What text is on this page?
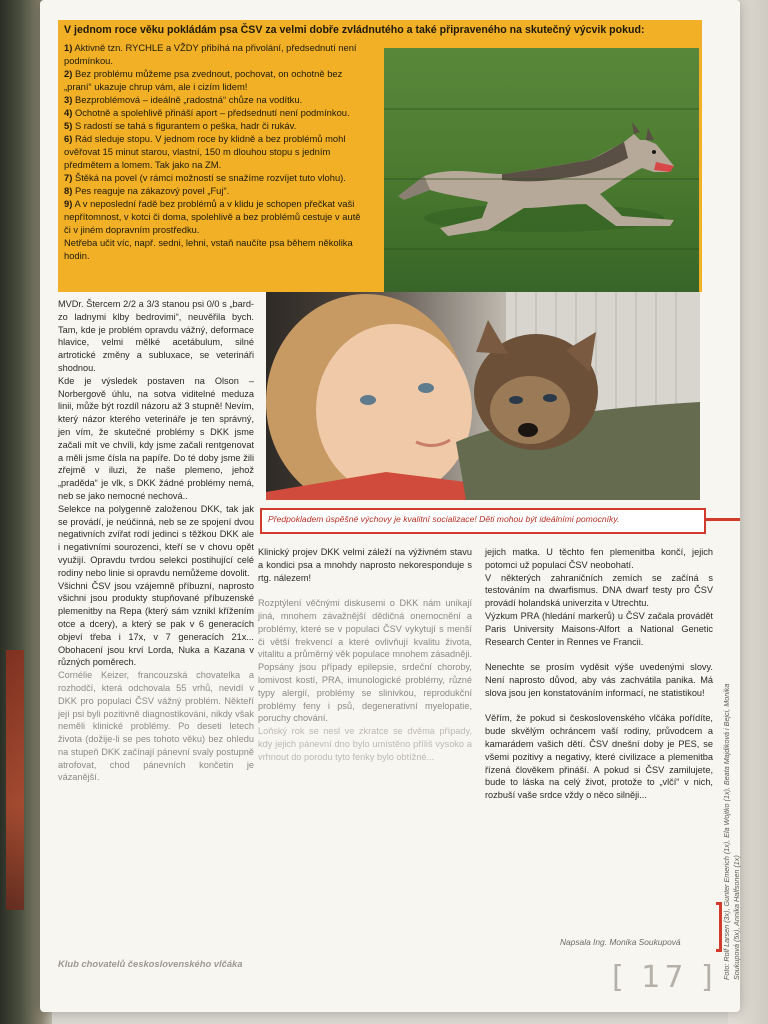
V jednom roce věku pokládám psa ČSV za velmi dobře zvládnutého a také připraveného na skutečný výcvik pokud:
1) Aktivně tzn. RYCHLE a VŽDY přibíhá na přivolání, předsednutí není podmínkou.
2) Bez problému můžeme psa zvednout, pochovat, on ochotně bez „praní“ ukazuje chrup vám, ale i cizím lidem!
3) Bezproblémová – ideálně „radostná“ chůze na vodítku.
4) Ochotně a spolehlivě přináší aport – předsednutí není podmínkou.
5) S radostí se tahá s figurantem o peška, hadr či rukáv.
6) Rád sleduje stopu. V jednom roce by klidně a bez problémů mohl ověřovat 15 minut starou, vlastní, 150 m dlouhou stopu s jedním předmětem a lomem. Tak jako na ZM.
7) Štěká na povel (v rámci možností se snažíme rozvíjet tuto vlohu).
8) Pes reaguje na zákazový povel „Fuj“.
9) A v neposlední řadě bez problémů a v klidu je schopen přečkat vaši nepřítomnost, v kotci či doma, spolehlivě a bez problémů cestuje v autě či v jiném dopravním prostředku.
Netřeba učit víc, např. sedni, lehni, vstaň naučíte psa během několika hodin.

MVDr. Štercem 2/2 a 3/3 stanou psi 0/0 s „bard-zo ladnymi klby bedrovimi“, neuvěřila bych. Tam, kde je problém opravdu vážný, deformace hlavice, velmi mělké acetábulum, silné artrotické změny a subluxace, se veterináři shodnou.

Kde je výsledek postaven na Olson – Norbergově úhlu, na sotva viditelné meduza linii, může být rozdíl názoru až 3 stupně! Nevím, který názor kterého veterináře je ten správný, jen vím, že skutečné problémy s DKK jsme začali mít ve chvíli, kdy jsme začali rentgenovat a měli jsme čísla na papíře. Do té doby jsme žili zřejmě v iluzi, že naše plemeno, jehož „praděda“ je vlk, s DKK žádné problémy nemá, neb se jako nemocné nechová..

Selekce na polygenně založenou DKK, tak jak se provádí, je neúčinná, neb se ze spojení dvou negativních zvířat rodí jedinci s těžkou DKK ale i negativními sourozenci, kteří se v chovu opět využijí. Opravdu tvrdou selekci postihující celé rodiny nebo linie si opravdu nemůžeme dovolit.

Všichni ČSV jsou vzájemně příbuzní, naprosto všichni jsou produkty stupňované příbuzenské plemenitby na Repa (který sám vznikl křížením otce a dcery), a který se pak v 6 generacích objeví třeba i 17x, v 7 generacích 21x... Obohacení jsou krví Lorda, Nuka a Kazana v různých poměrech.

Cornélie Keizer, francouzská chovatelka a rozhodčí, která odchovala 55 vrhů, nevidí v DKK pro populaci ČSV vážný problém. Někteří její psi byli pozitivně diagnostikováni, nikdy však neměli klinické problémy. Po deseti letech života (dožije-li se pes tohoto věku) bez ohledu na stupeň DKK začínají pánevní svaly postupně atrofovat, chod pánevních končetin je vázanější.

Předpokladem úspěšné výchovy je kvalitní socializace! Děti mohou být ideálními pomocníky.

Klinický projev DKK velmi záleží na výživném stavu a kondici psa a mnohdy naprosto nekoresponduje s rtg. nálezem!

Rozptýlení věčnými diskusemi o DKK nám unikají jiná, mnohem závažnější dědičná onemocnění a problémy, které se v populaci ČSV vykytují s menší či větší frekvencí a které ovlivňují kvalitu života, vitalitu a průměrný věk populace mnohem zásadněji. Popsány jsou případy epilepsie, srdeční choroby, lomivost kostí, PRA, imunologické problémy, různé typy alergií, problémy se slinivkou, reprodukční problémy feny i psů, degenerativní myelopatie, poruchy chování.

Loňský rok se nesl ve zkratce se dvěma případy, kdy jejich pánevní dno bylo umístěno příliš vysoko a vrhnout do porodu tyto fenky bylo obtížné...

jejich matka. U těchto fen plemenitba končí, jejich potomci už populaci ČSV neobohatí.

V některých zahraničních zemích se začíná s testováním na dwarfismus. DNA dwarf testy pro ČSV provádí holandská univerzita v Utrechtu.

Výzkum PRA (hledání markerů) u ČSV začala provádět Paris University Maisons-Alfort a National Genetic Research Center in Rennes ve Francii.

Nenechte se prosím vyděsit výše uvedenými slovy. Není naprosto důvod, aby vás zachvátila panika. Má slova jsou jen konstatováním informací, ne statistikou!

Věřím, že pokud si československého vlčáka pořídíte, bude skvělým ochráncem vaší rodiny, průvodcem a kamarádem vašich dětí. ČSV dnešní doby je PES, se všemi pozitivy a negativy, které civilizace a plemenitba řízená člověkem přináší. A pokud si ČSV zamilujete, bude to láska na celý život, protože to „vlčí“ v nich, rozbuší vaše srdce vždy o něco silněji...

Napsala Ing. Monika Soukupová
Klub chovatelů československého vlčáka	[ 17 ] Foto: Rolf Larsen (3x), Gunter Emerich (1x), Ela Wojtko (1x), Beata Majdiková i Bejci, Monika Soukupová (5x), Annika Halfsonen (1x)
